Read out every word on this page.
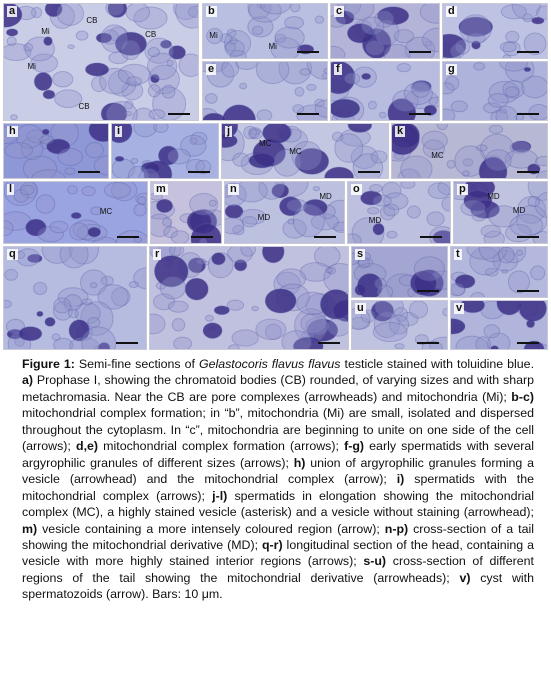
a
Mi
CB
CB
Mi
CB
b
Mi
Mi
c	d
e	f	g
h	i	j
MC
MC
k
MC
l
MC
m	n
MD
MD
o
MD
p
MD
MD
q	r	s	t
u	v
Figure 1: Semi-fine sections of Gelastocoris flavus flavus testicle stained with toluidine blue. a) Prophase I, showing the chromatoid bodies (CB) rounded, of varying sizes and with sharp metachromasia. Near the CB are pore complexes (arrowheads) and mitochondria (Mi); b-c) mitochondrial complex formation; in “b”, mitochondria (Mi) are small, isolated and dispersed throughout the cytoplasm. In “c”, mitochondria are beginning to unite on one side of the cell (arrows); d,e) mitochondrial complex formation (arrows); f-g) early spermatids with several argyrophilic granules of different sizes (arrows); h) union of argyrophilic granules forming a vesicle (arrowhead) and the mitochondrial complex (arrow); i) spermatids with the mitochondrial complex (arrows); j-l) spermatids in elongation showing the mitochondrial complex (MC), a highly stained vesicle (asterisk) and a vesicle without staining (arrowhead); m) vesicle containing a more intensely coloured region (arrow); n-p) cross-section of a tail showing the mitochondrial derivative (MD); q-r) longitudinal section of the head, containing a vesicle with more highly stained interior regions (arrows); s-u) cross-section of different regions of the tail showing the mitochondrial derivative (arrowheads); v) cyst with spermatozoids (arrow). Bars: 10 μm.
